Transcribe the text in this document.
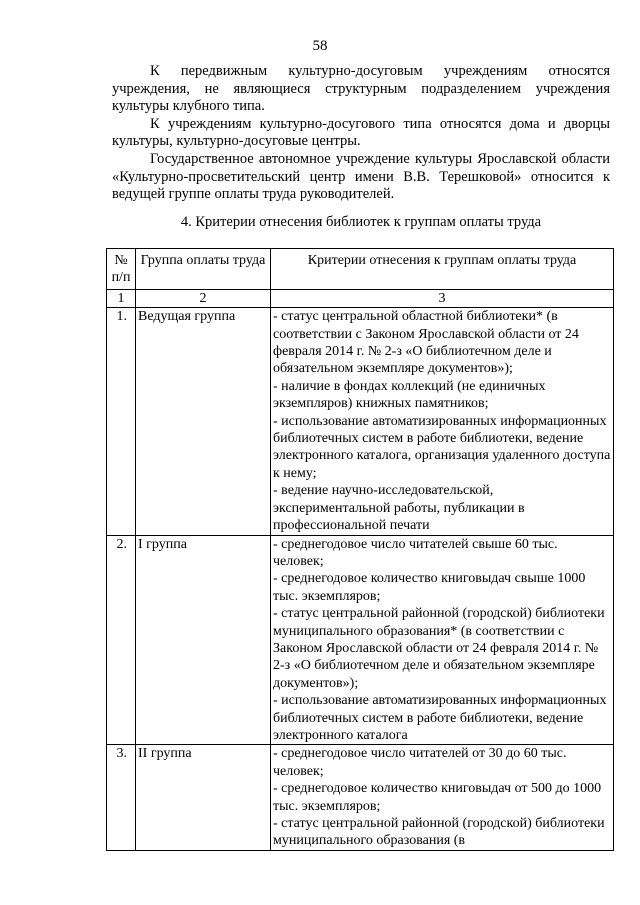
58

К передвижным культурно-досуговым учреждениям относятся учреждения, не являющиеся структурным подразделением учреждения культуры клубного типа.

К учреждениям культурно-досугового типа относятся дома и дворцы культуры, культурно-досуговые центры.

Государственное автономное учреждение культуры Ярославской области «Культурно-просветительский центр имени В.В. Терешковой» относится к ведущей группе оплаты труда руководителей.

4. Критерии отнесения библиотек к группам оплаты труда
№ п/п	Группа оплаты труда	Критерии отнесения к группам оплаты труда
1	2	3
1.	Ведущая группа	- статус центральной областной библиотеки* (в соответствии с Законом Ярославской области от 24 февраля 2014 г. № 2-з «О библиотечном деле и обязательном экземпляре документов»);
- наличие в фондах коллекций (не единичных экземпляров) книжных памятников;
- использование автоматизированных информационных библиотечных систем в работе библиотеки, ведение электронного каталога, организация удаленного доступа к нему;
- ведение научно-исследовательской, экспериментальной работы, публикации в профессиональной печати

2.	I группа	- среднегодовое число читателей свыше 60 тыс. человек;
- среднегодовое количество книговыдач свыше 1000 тыс. экземпляров;
- статус центральной районной (городской) библиотеки муниципального образования* (в соответствии с Законом Ярославской области от 24 февраля 2014 г. № 2-з «О библиотечном деле и обязательном экземпляре документов»);
- использование автоматизированных информационных библиотечных систем в работе библиотеки, ведение электронного каталога

3.	II группа	- среднегодовое число читателей от 30 до 60 тыс. человек;
- среднегодовое количество книговыдач от 500 до 1000 тыс. экземпляров;
- статус центральной районной (городской) библиотеки муниципального образования (в
